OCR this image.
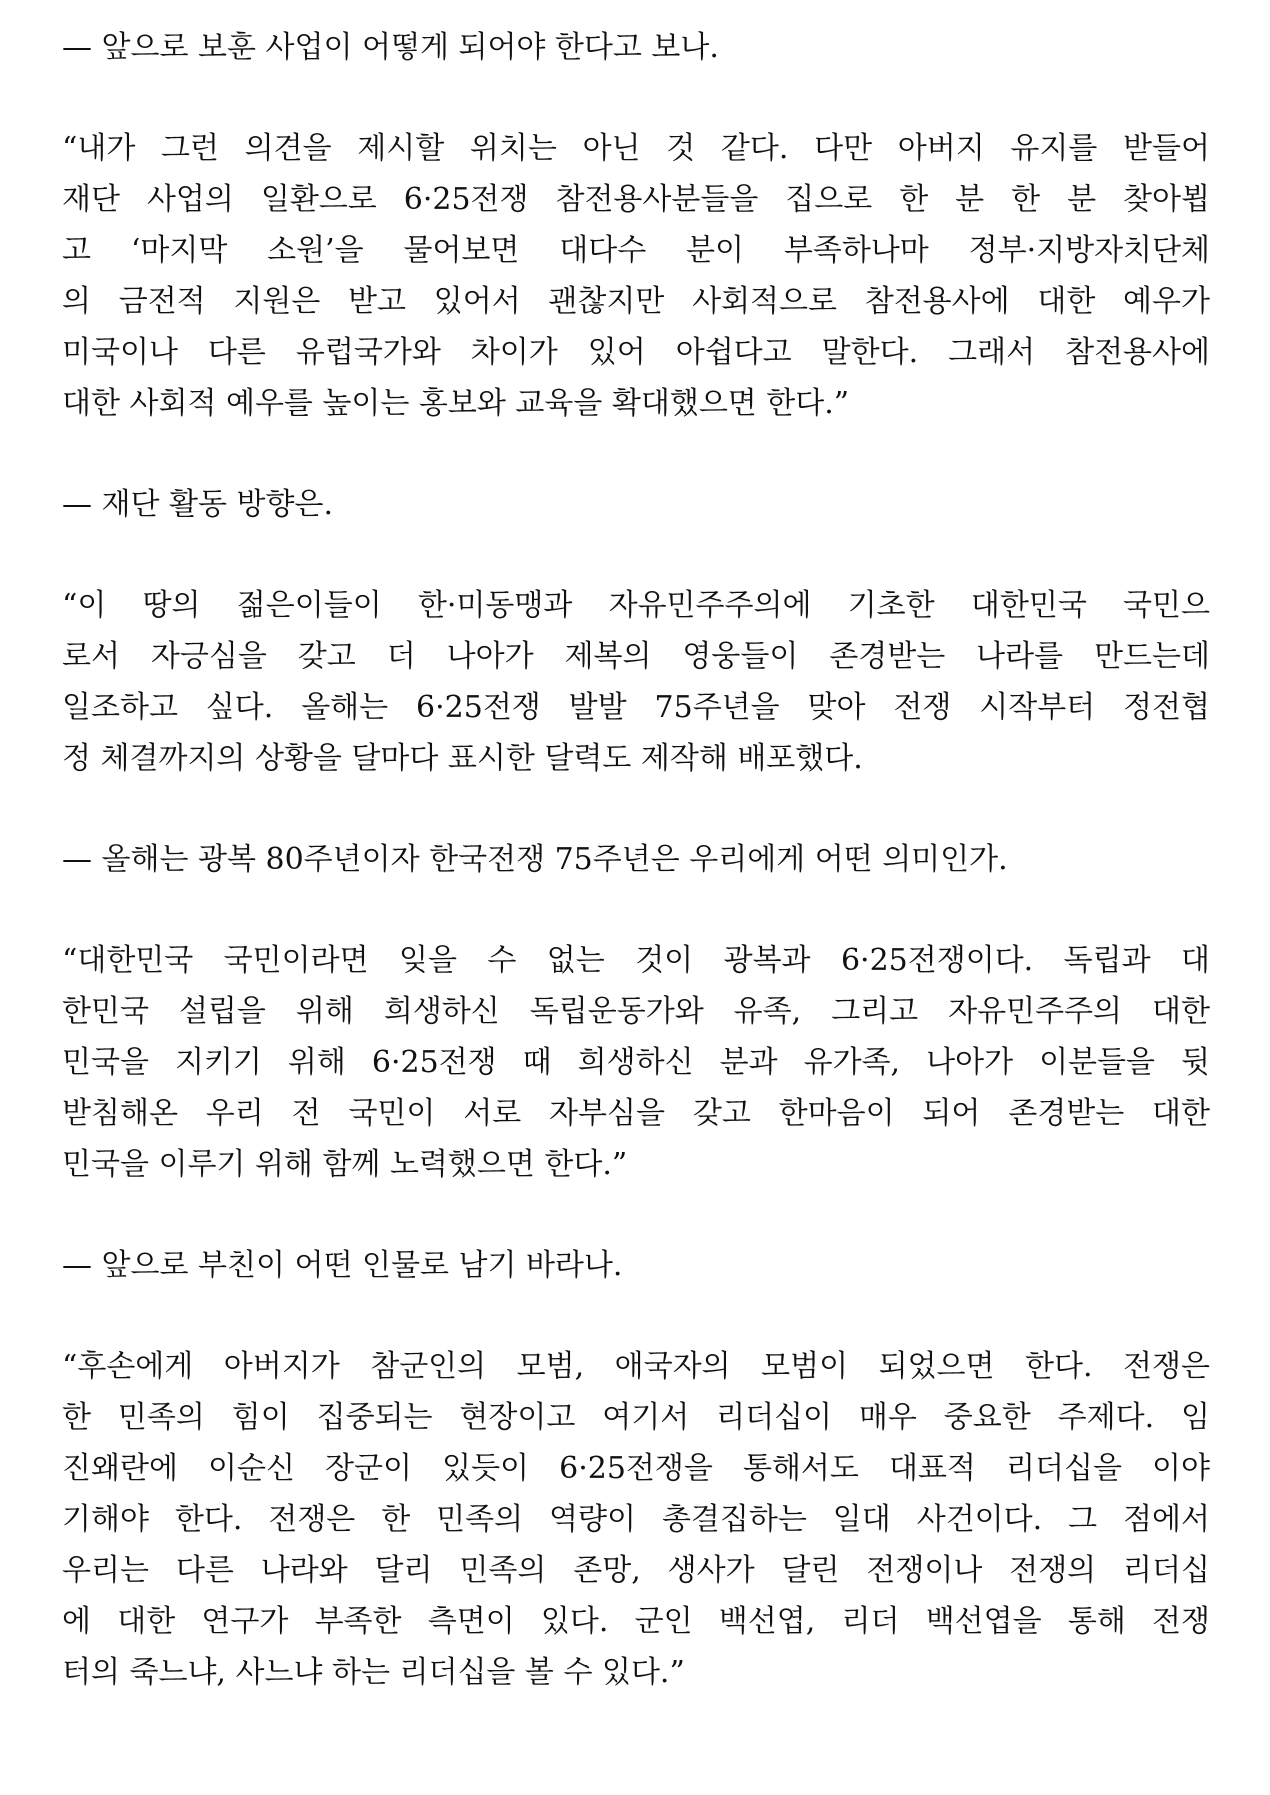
— 앞으로 보훈 사업이 어떻게 되어야 한다고 보나.
“내가 그런 의견을 제시할 위치는 아닌 것 같다. 다만 아버지 유지를 받들어
재단 사업의 일환으로 6·25전쟁 참전용사분들을 집으로 한 분 한 분 찾아뵙
고 ‘마지막 소원’을 물어보면 대다수 분이 부족하나마 정부·지방자치단체
의 금전적 지원은 받고 있어서 괜찮지만 사회적으로 참전용사에 대한 예우가
미국이나 다른 유럽국가와 차이가 있어 아쉽다고 말한다. 그래서 참전용사에
대한 사회적 예우를 높이는 홍보와 교육을 확대했으면 한다.”
— 재단 활동 방향은.
“이 땅의 젊은이들이 한·미동맹과 자유민주주의에 기초한 대한민국 국민으
로서 자긍심을 갖고 더 나아가 제복의 영웅들이 존경받는 나라를 만드는데
일조하고 싶다. 올해는 6·25전쟁 발발 75주년을 맞아 전쟁 시작부터 정전협
정 체결까지의 상황을 달마다 표시한 달력도 제작해 배포했다.
— 올해는 광복 80주년이자 한국전쟁 75주년은 우리에게 어떤 의미인가.
“대한민국 국민이라면 잊을 수 없는 것이 광복과 6·25전쟁이다. 독립과 대
한민국 설립을 위해 희생하신 독립운동가와 유족, 그리고 자유민주주의 대한
민국을 지키기 위해 6·25전쟁 때 희생하신 분과 유가족, 나아가 이분들을 뒷
받침해온 우리 전 국민이 서로 자부심을 갖고 한마음이 되어 존경받는 대한
민국을 이루기 위해 함께 노력했으면 한다.”
— 앞으로 부친이 어떤 인물로 남기 바라나.
“후손에게 아버지가 참군인의 모범, 애국자의 모범이 되었으면 한다. 전쟁은
한 민족의 힘이 집중되는 현장이고 여기서 리더십이 매우 중요한 주제다. 임
진왜란에 이순신 장군이 있듯이 6·25전쟁을 통해서도 대표적 리더십을 이야
기해야 한다. 전쟁은 한 민족의 역량이 총결집하는 일대 사건이다. 그 점에서
우리는 다른 나라와 달리 민족의 존망, 생사가 달린 전쟁이나 전쟁의 리더십
에 대한 연구가 부족한 측면이 있다. 군인 백선엽, 리더 백선엽을 통해 전쟁
터의 죽느냐, 사느냐 하는 리더십을 볼 수 있다.”
